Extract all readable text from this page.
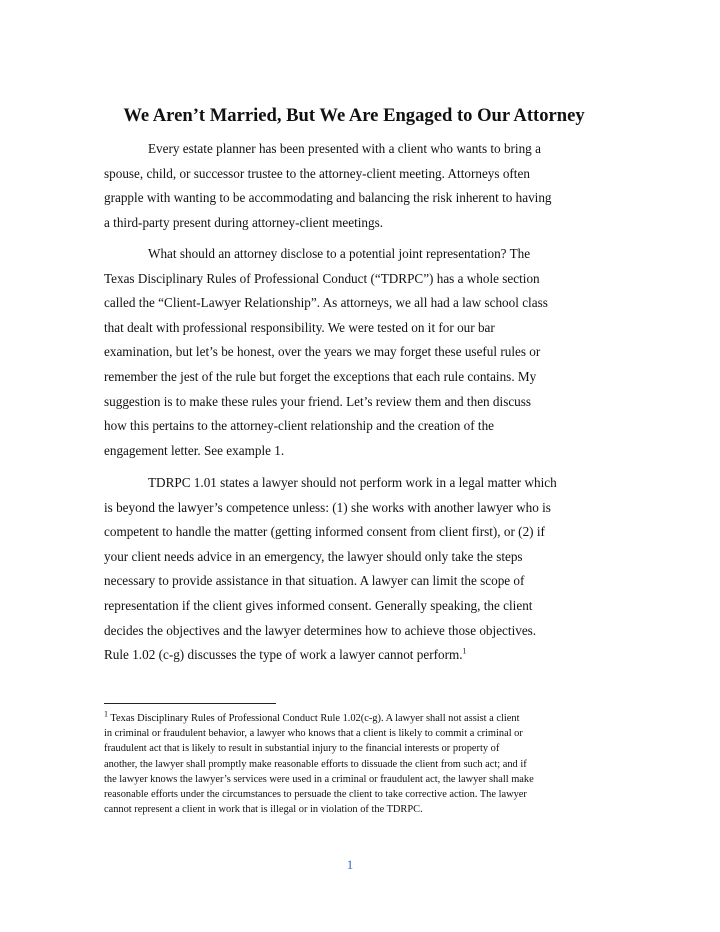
We Aren’t Married, But We Are Engaged to Our Attorney

Every estate planner has been presented with a client who wants to bring a
spouse, child, or successor trustee to the attorney-client meeting. Attorneys often
grapple with wanting to be accommodating and balancing the risk inherent to having
a third-party present during attorney-client meetings.

What should an attorney disclose to a potential joint representation? The
Texas Disciplinary Rules of Professional Conduct (“TDRPC”) has a whole section
called the “Client-Lawyer Relationship”. As attorneys, we all had a law school class
that dealt with professional responsibility. We were tested on it for our bar
examination, but let’s be honest, over the years we may forget these useful rules or
remember the jest of the rule but forget the exceptions that each rule contains. My
suggestion is to make these rules your friend. Let’s review them and then discuss
how this pertains to the attorney-client relationship and the creation of the
engagement letter. See example 1.

TDRPC 1.01 states a lawyer should not perform work in a legal matter which
is beyond the lawyer’s competence unless: (1) she works with another lawyer who is
competent to handle the matter (getting informed consent from client first), or (2) if
your client needs advice in an emergency, the lawyer should only take the steps
necessary to provide assistance in that situation. A lawyer can limit the scope of
representation if the client gives informed consent. Generally speaking, the client
decides the objectives and the lawyer determines how to achieve those objectives.
Rule 1.02 (c-g) discusses the type of work a lawyer cannot perform.$^1$

$^1$ Texas Disciplinary Rules of Professional Conduct Rule 1.02(c-g). A lawyer shall not assist a client
in criminal or fraudulent behavior, a lawyer who knows that a client is likely to commit a criminal or
fraudulent act that is likely to result in substantial injury to the financial interests or property of
another, the lawyer shall promptly make reasonable efforts to dissuade the client from such act; and if
the lawyer knows the lawyer’s services were used in a criminal or fraudulent act, the lawyer shall make
reasonable efforts under the circumstances to persuade the client to take corrective action. The lawyer
cannot represent a client in work that is illegal or in violation of the TDRPC.

1
